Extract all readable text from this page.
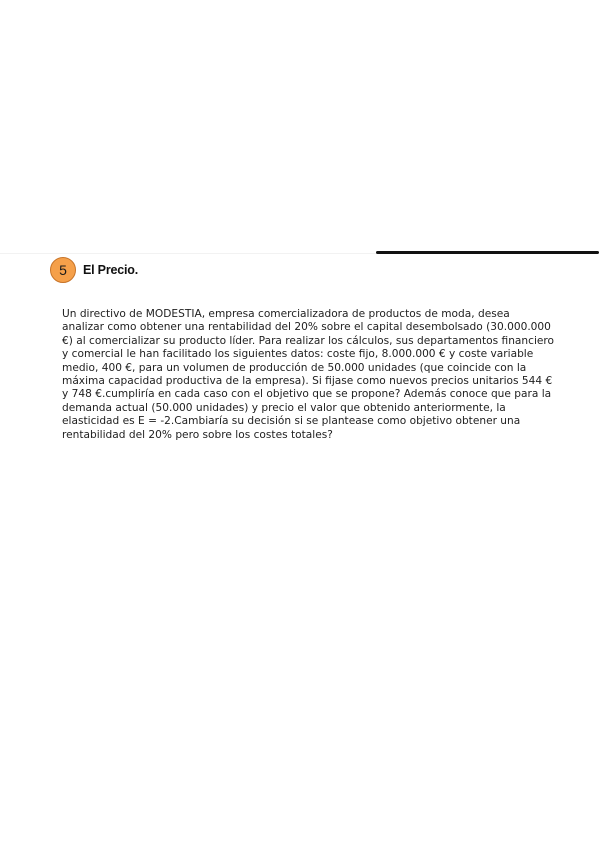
5 El Precio.

Un directivo de MODESTIA, empresa comercializadora de productos de moda, desea
analizar como obtener una rentabilidad del 20% sobre el capital desembolsado (30.000.000
€) al comercializar su producto líder. Para realizar los cálculos, sus departamentos financiero
y comercial le han facilitado los siguientes datos: coste fijo, 8.000.000 € y coste variable
medio, 400 €, para un volumen de producción de 50.000 unidades (que coincide con la
máxima capacidad productiva de la empresa). Si fijase como nuevos precios unitarios 544 €
y 748 €.cumpliría en cada caso con el objetivo que se propone? Además conoce que para la
demanda actual (50.000 unidades) y precio el valor que obtenido anteriormente, la
elasticidad es E = -2.Cambiaría su decisión si se plantease como objetivo obtener una
rentabilidad del 20% pero sobre los costes totales?
